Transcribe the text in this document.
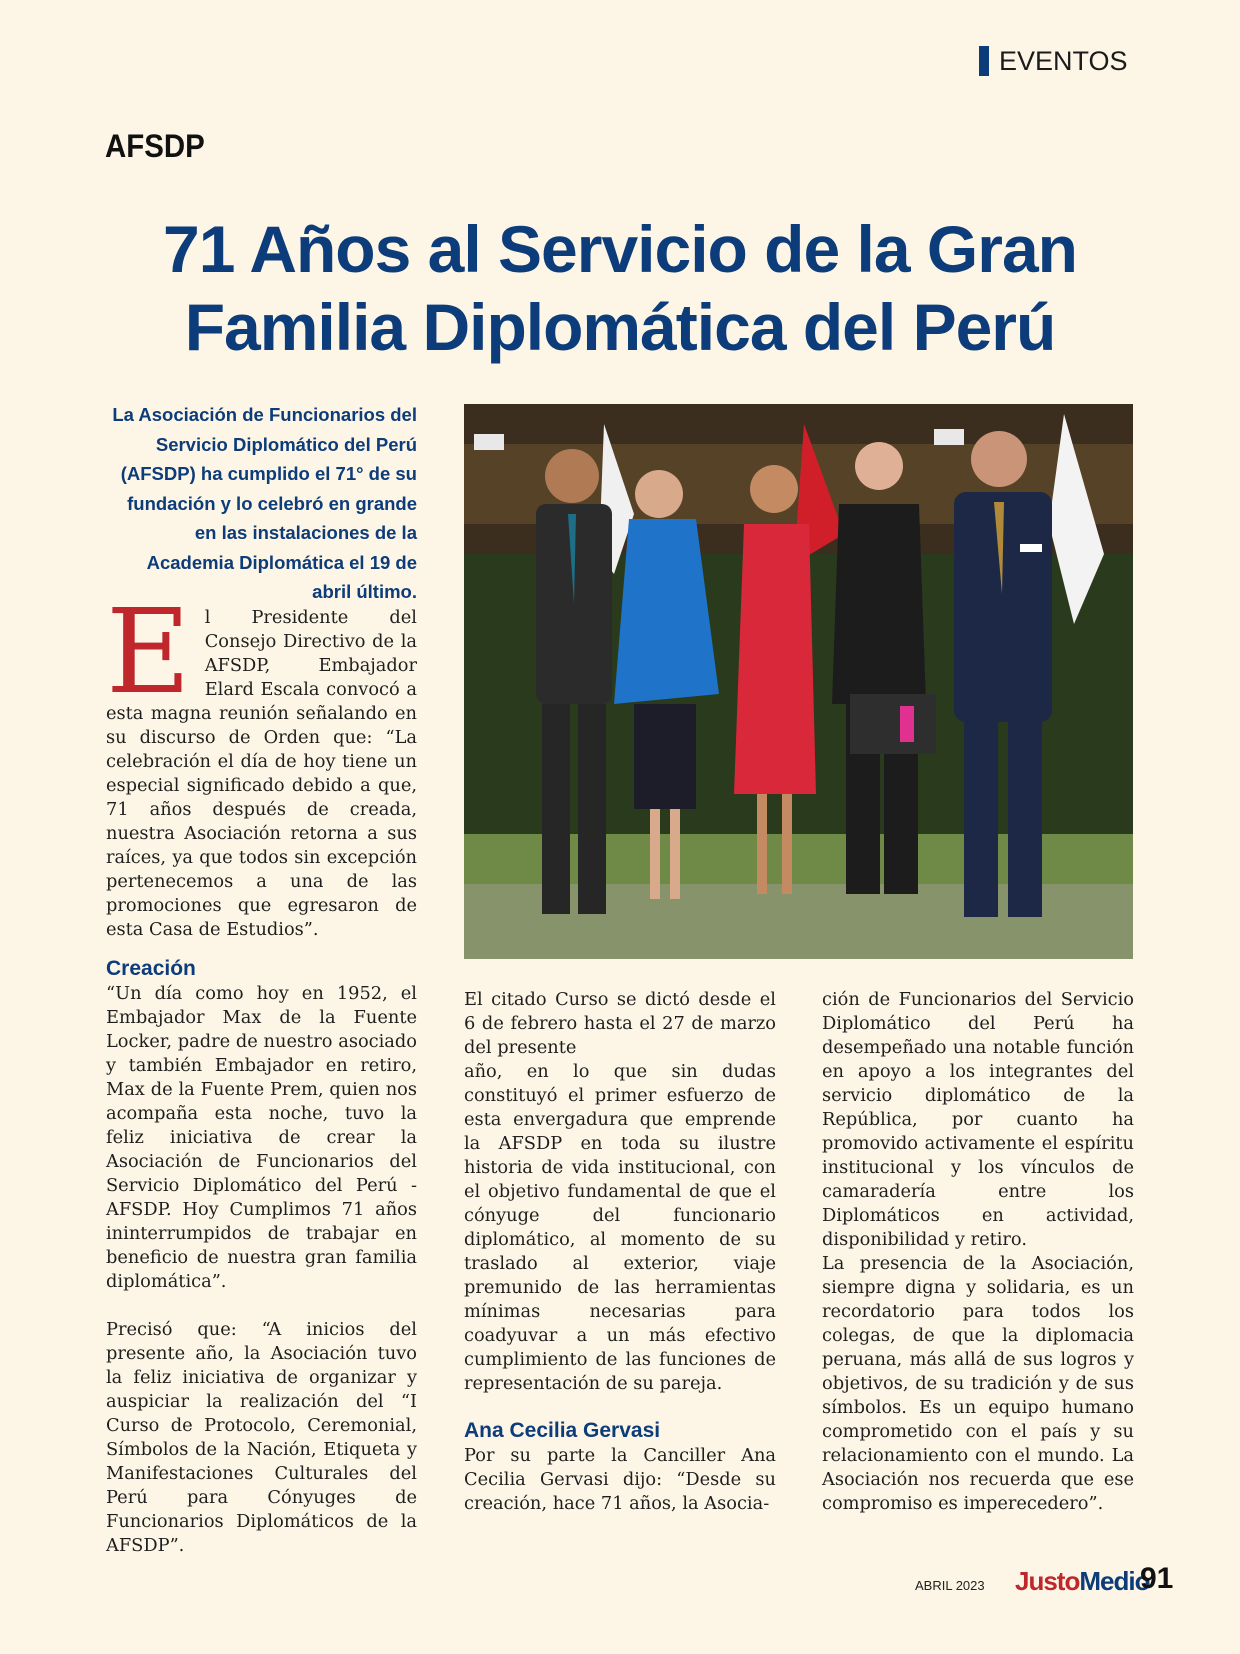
EVENTOS
AFSDP
71 Años al Servicio de la Gran
Familia Diplomática del Perú
La Asociación de Funcionarios del Servicio Diplomático del Perú (AFSDP) ha cumplido el 71° de su fundación y lo celebró en grande en las instalaciones de la Academia Diplomática el 19 de abril último.
E l Presidente del Consejo Directivo de la AFSDP, Embajador Elard Escala convocó a esta magna reunión señalando en su discurso de Orden que: “La celebración el día de hoy tiene un especial significado debido a que, 71 años después de creada, nuestra Asociación retorna a sus raíces, ya que todos sin excepción pertenecemos a una de las promociones que egresaron de esta Casa de Estudios”.

Creación

“Un día como hoy en 1952, el Embajador Max de la Fuente Locker, padre de nuestro asociado y también Embajador en retiro, Max de la Fuente Prem, quien nos acompaña esta noche, tuvo la feliz iniciativa de crear la Asociación de Funcionarios del Servicio Diplomático del Perú - AFSDP. Hoy Cumplimos 71 años ininterrumpidos de trabajar en beneficio de nuestra gran familia diplomática”.

Precisó que: “A inicios del presente año, la Asociación tuvo la feliz iniciativa de organizar y auspiciar la realización del “I Curso de Protocolo, Ceremonial, Símbolos de la Nación, Etiqueta y Manifestaciones Culturales del Perú para Cónyuges de Funcionarios Diplomáticos de la AFSDP”.

El citado Curso se dictó desde el 6 de febrero hasta el 27 de marzo del presente

año, en lo que sin dudas constituyó el primer esfuerzo de esta envergadura que emprende la AFSDP en toda su ilustre historia de vida institucional, con el objetivo fundamental de que el cónyuge del funcionario diplomático, al momento de su traslado al exterior, viaje premunido de las herramientas mínimas necesarias para coadyuvar a un más efectivo cumplimiento de las funciones de representación de su pareja.

Ana Cecilia Gervasi

Por su parte la Canciller Ana Cecilia Gervasi dijo: “Desde su creación, hace 71 años, la Asocia-

ción de Funcionarios del Servicio Diplomático del Perú ha desempeñado una notable función en apoyo a los integrantes del servicio diplomático de la República, por cuanto ha promovido activamente el espíritu institucional y los vínculos de camaradería entre los Diplomáticos en actividad, disponibilidad y retiro.

La presencia de la Asociación, siempre digna y solidaria, es un recordatorio para todos los colegas, de que la diplomacia peruana, más allá de sus logros y objetivos, de su tradición y de sus símbolos. Es un equipo humano comprometido con el país y su relacionamiento con el mundo. La Asociación nos recuerda que ese compromiso es imperecedero”.

ABRIL 2023 JustoMedio
91
